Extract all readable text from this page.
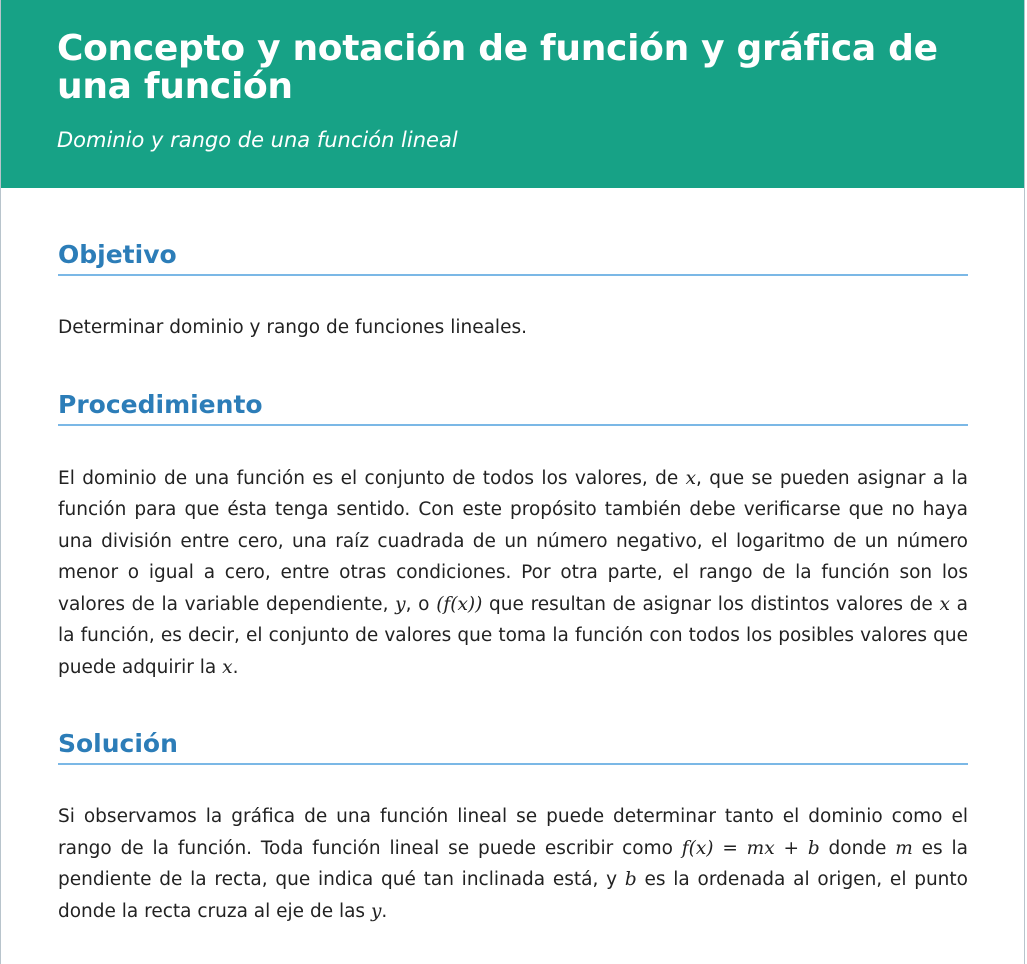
Concepto y notación de función y gráfica de una función
Dominio y rango de una función lineal
Objetivo

Determinar dominio y rango de funciones lineales.

Procedimiento

El dominio de una función es el conjunto de todos los valores, de x, que se pueden asignar a la función para que ésta tenga sentido. Con este propósito también debe verificarse que no haya una división entre cero, una raíz cuadrada de un número negativo, el logaritmo de un número menor o igual a cero, entre otras condiciones. Por otra parte, el rango de la función son los valores de la variable dependiente, y, o (f(x)) que resultan de asignar los distintos valores de x a la función, es decir, el conjunto de valores que toma la función con todos los posibles valores que puede adquirir la x.

Solución

Si observamos la gráfica de una función lineal se puede determinar tanto el dominio como el rango de la función. Toda función lineal se puede escribir como f(x) = mx + b donde m es la pendiente de la recta, que indica qué tan inclinada está, y b es la ordenada al origen, el punto donde la recta cruza al eje de las y.
